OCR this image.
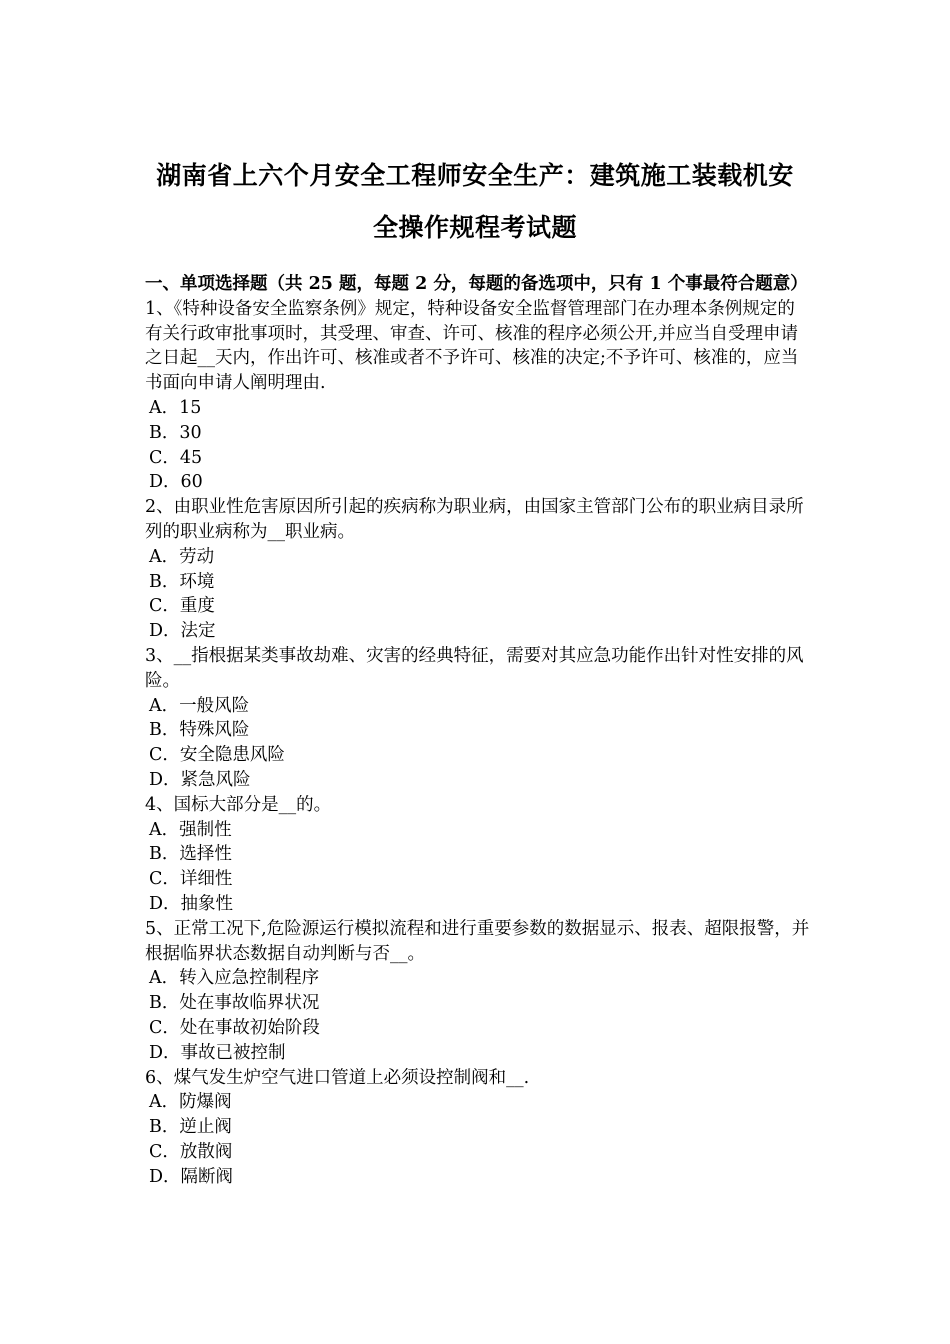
湖南省上六个月安全工程师安全生产：建筑施工装载机安
全操作规程考试题

一、单项选择题（共 25 题，每题 2 分，每题的备选项中，只有 1 个事最符合题意）

1、《特种设备安全监察条例》规定，特种设备安全监督管理部门在办理本条例规定的有关行政审批事项时，其受理、审查、许可、核准的程序必须公开,并应当自受理申请之日起__天内，作出许可、核准或者不予许可、核准的决定;不予许可、核准的，应当书面向申请人阐明理由.

A．15
B．30
C．45
D．60

2、由职业性危害原因所引起的疾病称为职业病，由国家主管部门公布的职业病目录所列的职业病称为__职业病。

A．劳动
B．环境
C．重度
D．法定

3、__指根据某类事故劫难、灾害的经典特征，需要对其应急功能作出针对性安排的风险。

A．一般风险
B．特殊风险
C．安全隐患风险
D．紧急风险

4、国标大部分是__的。

A．强制性
B．选择性
C．详细性
D．抽象性

5、正常工况下,危险源运行模拟流程和进行重要参数的数据显示、报表、超限报警，并根据临界状态数据自动判断与否__。

A．转入应急控制程序
B．处在事故临界状况
C．处在事故初始阶段
D．事故已被控制

6、煤气发生炉空气进口管道上必须设控制阀和__.

A．防爆阀
B．逆止阀
C．放散阀
D．隔断阀
